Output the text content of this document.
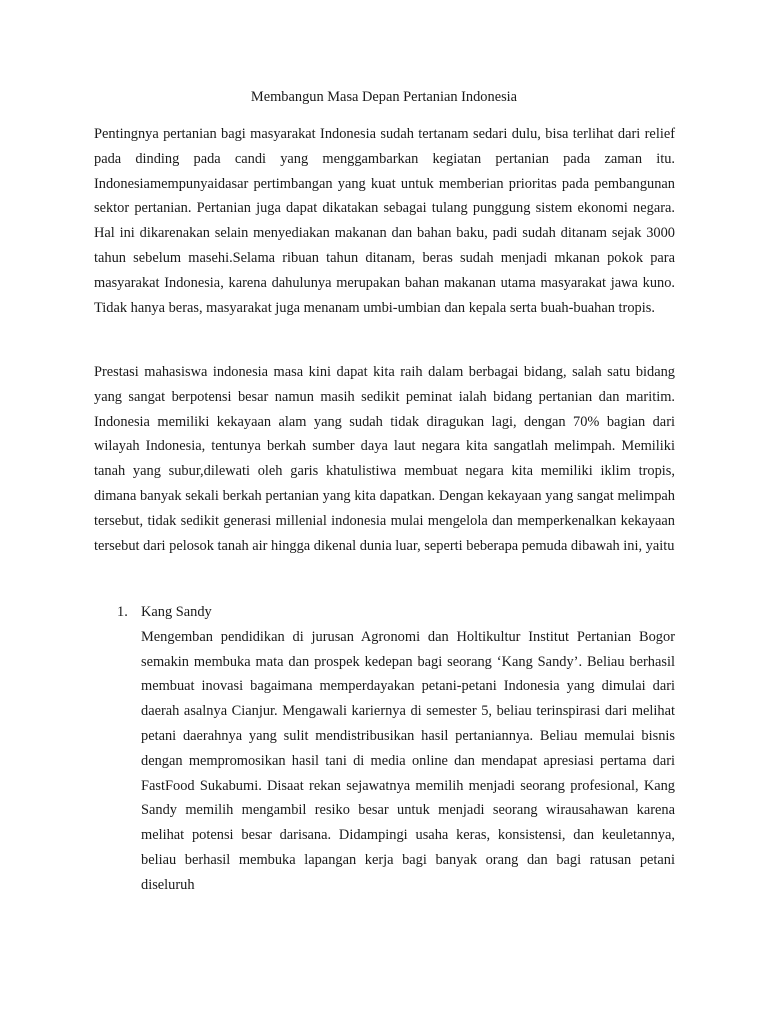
Membangun Masa Depan Pertanian Indonesia

Pentingnya pertanian bagi masyarakat Indonesia sudah tertanam sedari dulu, bisa terlihat dari relief pada dinding pada candi yang menggambarkan kegiatan pertanian pada zaman itu. Indonesiamempunyaidasar pertimbangan yang kuat untuk memberian prioritas pada pembangunan sektor pertanian. Pertanian juga dapat dikatakan sebagai tulang punggung sistem ekonomi negara. Hal ini dikarenakan selain menyediakan makanan dan bahan baku, padi sudah ditanam sejak 3000 tahun sebelum masehi.Selama ribuan tahun ditanam, beras sudah menjadi mkanan pokok para masyarakat Indonesia, karena dahulunya merupakan bahan makanan utama masyarakat jawa kuno. Tidak hanya beras, masyarakat juga menanam umbi-umbian dan kepala serta buah-buahan tropis.

Prestasi mahasiswa indonesia masa kini dapat kita raih dalam berbagai bidang, salah satu bidang yang sangat berpotensi besar namun masih sedikit peminat ialah bidang pertanian dan maritim. Indonesia memiliki kekayaan alam yang sudah tidak diragukan lagi, dengan 70% bagian dari wilayah Indonesia, tentunya berkah sumber daya laut negara kita sangatlah melimpah. Memiliki tanah yang subur,dilewati oleh garis khatulistiwa membuat negara kita memiliki iklim tropis, dimana banyak sekali berkah pertanian yang kita dapatkan. Dengan kekayaan yang sangat melimpah tersebut, tidak sedikit generasi millenial indonesia mulai mengelola dan memperkenalkan kekayaan tersebut dari pelosok tanah air hingga dikenal dunia luar, seperti beberapa pemuda dibawah ini, yaitu

1. Kang Sandy
Mengemban pendidikan di jurusan Agronomi dan Holtikultur Institut Pertanian Bogor semakin membuka mata dan prospek kedepan bagi seorang ‘Kang Sandy’. Beliau berhasil membuat inovasi bagaimana memperdayakan petani-petani Indonesia yang dimulai dari daerah asalnya Cianjur. Mengawali kariernya di semester 5, beliau terinspirasi dari melihat petani daerahnya yang sulit mendistribusikan hasil pertaniannya. Beliau memulai bisnis dengan mempromosikan hasil tani di media online dan mendapat apresiasi pertama dari FastFood Sukabumi. Disaat rekan sejawatnya memilih menjadi seorang profesional, Kang Sandy memilih mengambil resiko besar untuk menjadi seorang wirausahawan karena melihat potensi besar darisana. Didampingi usaha keras, konsistensi, dan keuletannya, beliau berhasil membuka lapangan kerja bagi banyak orang dan bagi ratusan petani diseluruh
